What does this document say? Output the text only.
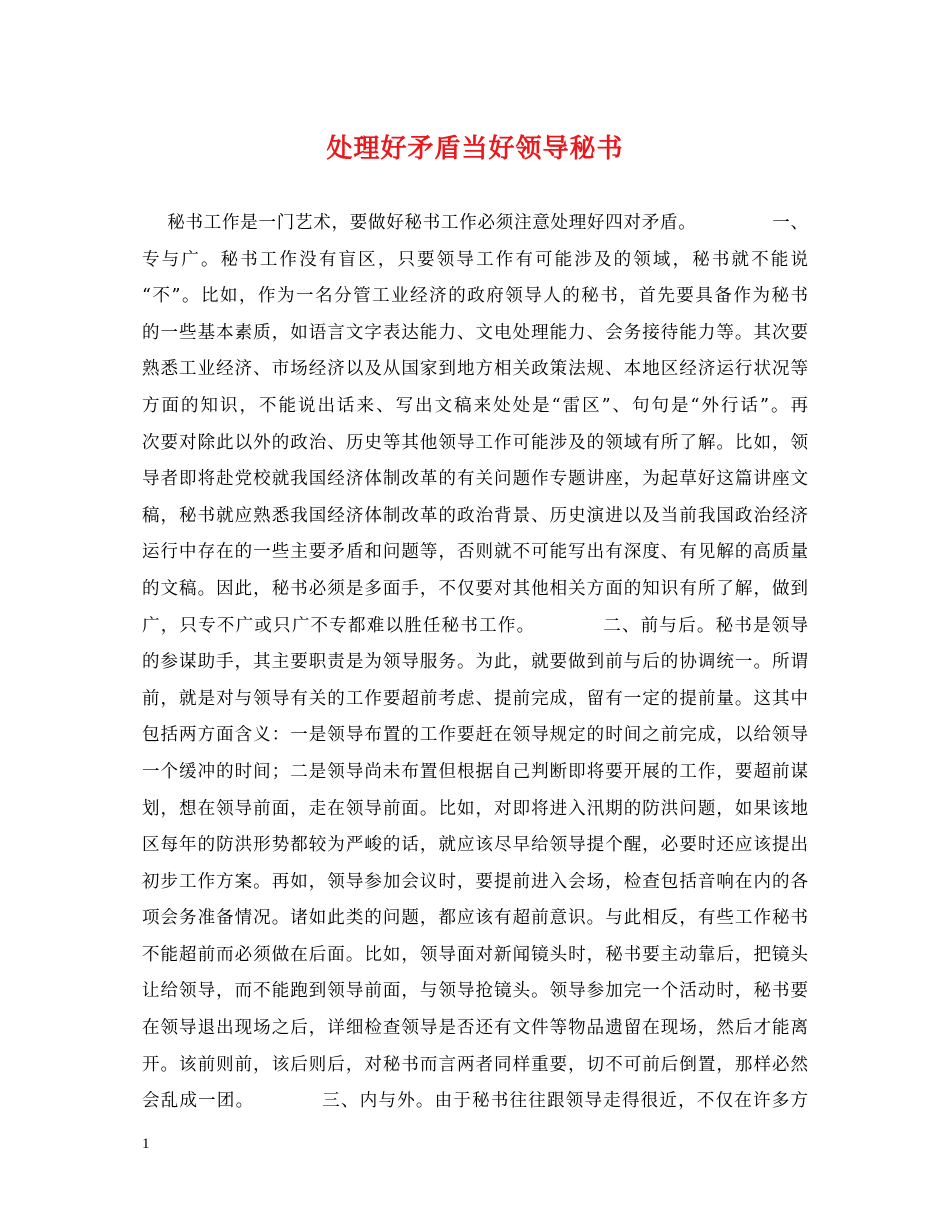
处理好矛盾当好领导秘书
秘书工作是一门艺术，要做好秘书工作必须注意处理好四对矛盾。            一、
专与广。秘书工作没有盲区，只要领导工作有可能涉及的领域，秘书就不能说
“不”。比如，作为一名分管工业经济的政府领导人的秘书，首先要具备作为秘书
的一些基本素质，如语言文字表达能力、文电处理能力、会务接待能力等。其次要
熟悉工业经济、市场经济以及从国家到地方相关政策法规、本地区经济运行状况等
方面的知识，不能说出话来、写出文稿来处处是“雷区”、句句是“外行话”。再
次要对除此以外的政治、历史等其他领导工作可能涉及的领域有所了解。比如，领
导者即将赴党校就我国经济体制改革的有关问题作专题讲座，为起草好这篇讲座文
稿，秘书就应熟悉我国经济体制改革的政治背景、历史演进以及当前我国政治经济
运行中存在的一些主要矛盾和问题等，否则就不可能写出有深度、有见解的高质量
的文稿。因此，秘书必须是多面手，不仅要对其他相关方面的知识有所了解，做到
广，只专不广或只广不专都难以胜任秘书工作。          二、前与后。秘书是领导
的参谋助手，其主要职责是为领导服务。为此，就要做到前与后的协调统一。所谓
前，就是对与领导有关的工作要超前考虑、提前完成，留有一定的提前量。这其中
包括两方面含义：一是领导布置的工作要赶在领导规定的时间之前完成，以给领导
一个缓冲的时间；二是领导尚未布置但根据自己判断即将要开展的工作，要超前谋
划，想在领导前面，走在领导前面。比如，对即将进入汛期的防洪问题，如果该地
区每年的防洪形势都较为严峻的话，就应该尽早给领导提个醒，必要时还应该提出
初步工作方案。再如，领导参加会议时，要提前进入会场，检查包括音响在内的各
项会务准备情况。诸如此类的问题，都应该有超前意识。与此相反，有些工作秘书
不能超前而必须做在后面。比如，领导面对新闻镜头时，秘书要主动靠后，把镜头
让给领导，而不能跑到领导前面，与领导抢镜头。领导参加完一个活动时，秘书要
在领导退出现场之后，详细检查领导是否还有文件等物品遗留在现场，然后才能离
开。该前则前，该后则后，对秘书而言两者同样重要，切不可前后倒置，那样必然
会乱成一团。          三、内与外。由于秘书往往跟领导走得很近，不仅在许多方
1
